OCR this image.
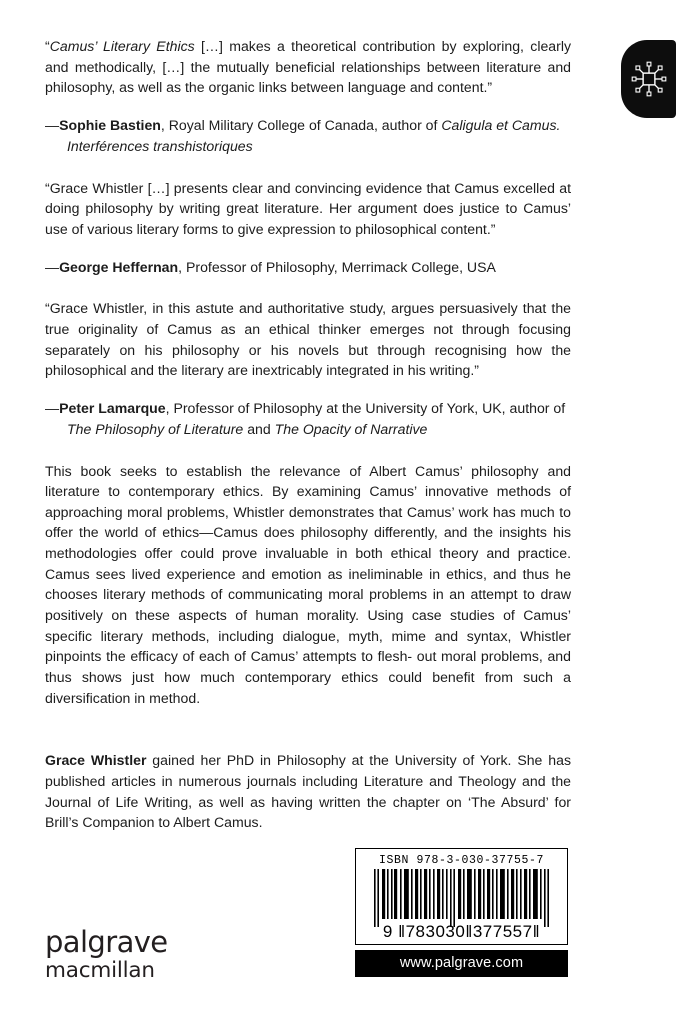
“Camus’ Literary Ethics […] makes a theoretical contribution by exploring, clearly and methodically, […] the mutually beneficial relationships between literature and philosophy, as well as the organic links between language and content.”

—Sophie Bastien, Royal Military College of Canada, author of Caligula et Camus. Interférences transhistoriques

“Grace Whistler […] presents clear and convincing evidence that Camus excelled at doing philosophy by writing great literature. Her argument does justice to Camus’ use of various literary forms to give expression to philosophical content.”

—George Heffernan, Professor of Philosophy, Merrimack College, USA

“Grace Whistler, in this astute and authoritative study, argues persuasively that the true originality of Camus as an ethical thinker emerges not through focusing separately on his philosophy or his novels but through recognising how the philosophical and the literary are inextricably integrated in his writing.”

—Peter Lamarque, Professor of Philosophy at the University of York, UK, author of The Philosophy of Literature and The Opacity of Narrative

This book seeks to establish the relevance of Albert Camus’ philosophy and literature to contemporary ethics. By examining Camus’ innovative methods of approaching moral problems, Whistler demonstrates that Camus’ work has much to offer the world of ethics—Camus does philosophy differently, and the insights his methodologies offer could prove invaluable in both ethical theory and practice. Camus sees lived experience and emotion as ineliminable in ethics, and thus he chooses literary methods of communicating moral problems in an attempt to draw positively on these aspects of human morality. Using case studies of Camus’ specific literary methods, including dialogue, myth, mime and syntax, Whistler pinpoints the efficacy of each of Camus’ attempts to flesh- out moral problems, and thus shows just how much contemporary ethics could benefit from such a diversification in method.

Grace Whistler gained her PhD in Philosophy at the University of York. She has published articles in numerous journals including Literature and Theology and the Journal of Life Writing, as well as having written the chapter on ‘The Absurd’ for Brill’s Companion to Albert Camus.

palgrave
macmillan
ISBN 978-3-030-37755-7
9 ‖783030‖377557‖
www.palgrave.com
